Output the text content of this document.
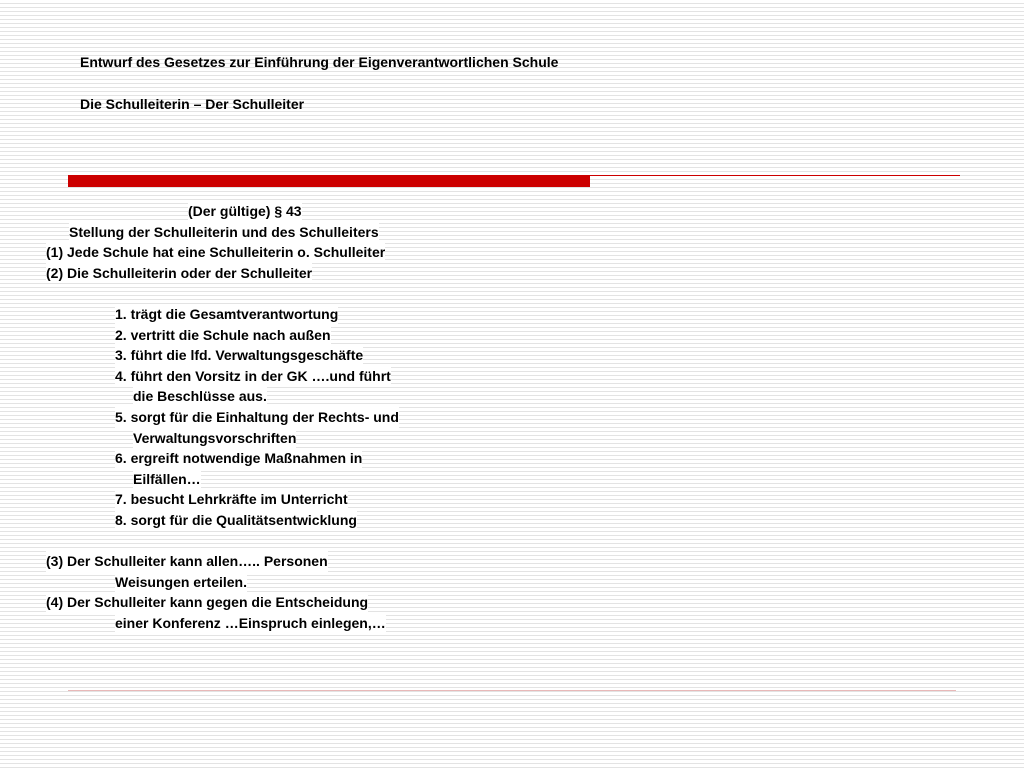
Entwurf des Gesetzes zur Einführung der Eigenverantwortlichen Schule
Die Schulleiterin – Der Schulleiter
(Der gültige) § 43
Stellung der Schulleiterin und des Schulleiters
(1) Jede Schule hat eine Schulleiterin o. Schulleiter
(2) Die Schulleiterin oder der Schulleiter
1. trägt die Gesamtverantwortung
2. vertritt die Schule nach außen
3. führt die lfd. Verwaltungsgeschäfte
4. führt den Vorsitz in der GK ….und führt
die Beschlüsse aus.
5. sorgt für die Einhaltung der Rechts- und
Verwaltungsvorschriften
6. ergreift notwendige Maßnahmen in
Eilfällen…
7. besucht Lehrkräfte im Unterricht
8. sorgt für die Qualitätsentwicklung
(3) Der Schulleiter kann allen….. Personen
Weisungen erteilen.
(4) Der Schulleiter kann gegen die Entscheidung
einer Konferenz …Einspruch einlegen,…
